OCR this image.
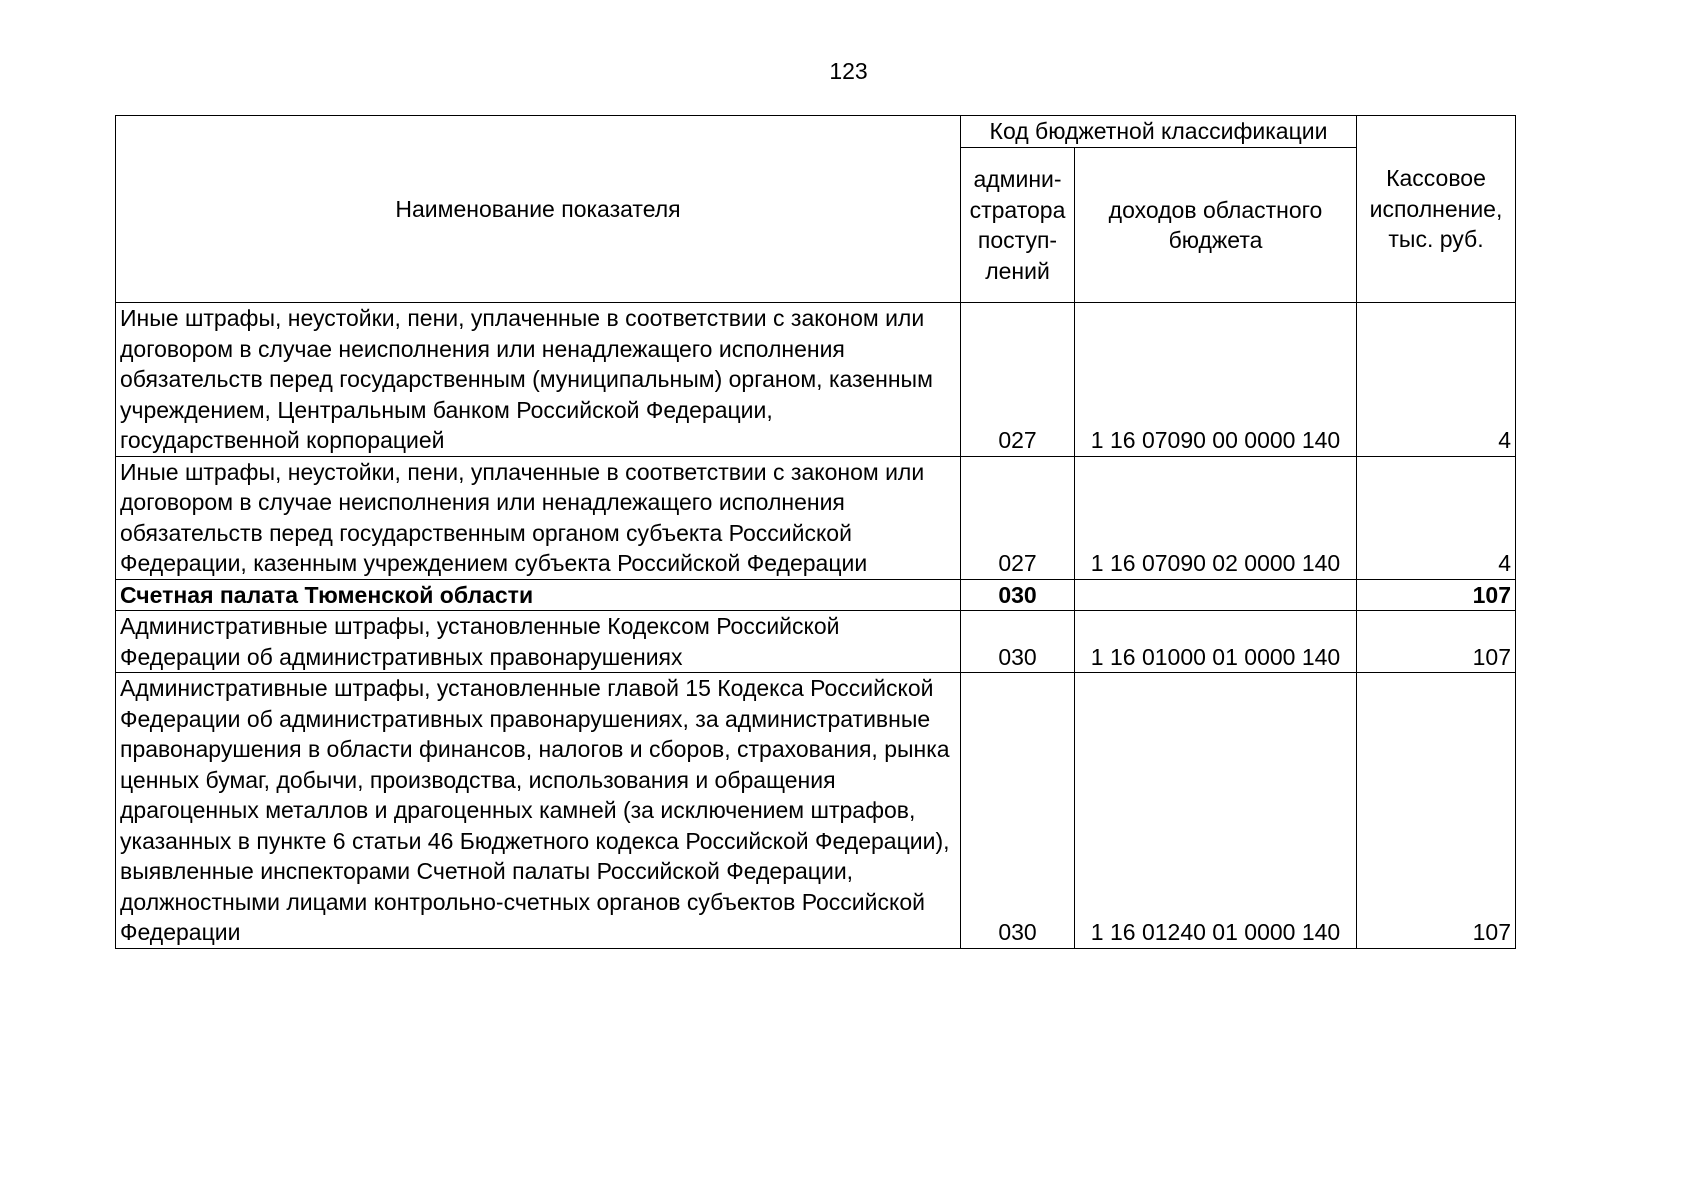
123
Наименование показателя	Код бюджетной классификации		Кассовое исполнение, тыс. руб.
	админи- стратора поступ- лений	доходов областного бюджета	
Иные штрафы, неустойки, пени, уплаченные в соответствии с законом или договором в случае неисполнения или ненадлежащего исполнения обязательств перед государственным (муниципальным) органом, казенным учреждением, Центральным банком Российской Федерации, государственной корпорацией	027	1 16 07090 00 0000 140	4
Иные штрафы, неустойки, пени, уплаченные в соответствии с законом или договором в случае неисполнения или ненадлежащего исполнения обязательств перед государственным органом субъекта Российской Федерации, казенным учреждением субъекта Российской Федерации	027	1 16 07090 02 0000 140	4
Счетная палата Тюменской области	030		107
Административные штрафы, установленные Кодексом Российской Федерации об административных правонарушениях	030	1 16 01000 01 0000 140	107
Административные штрафы, установленные главой 15 Кодекса Российской Федерации об административных правонарушениях, за административные правонарушения в области финансов, налогов и сборов, страхования, рынка ценных бумаг, добычи, производства, использования и обращения драгоценных металлов и драгоценных камней (за исключением штрафов, указанных в пункте 6 статьи 46 Бюджетного кодекса Российской Федерации), выявленные инспекторами Счетной палаты Российской Федерации, должностными лицами контрольно-счетных органов субъектов Российской Федерации	030	1 16 01240 01 0000 140	107
